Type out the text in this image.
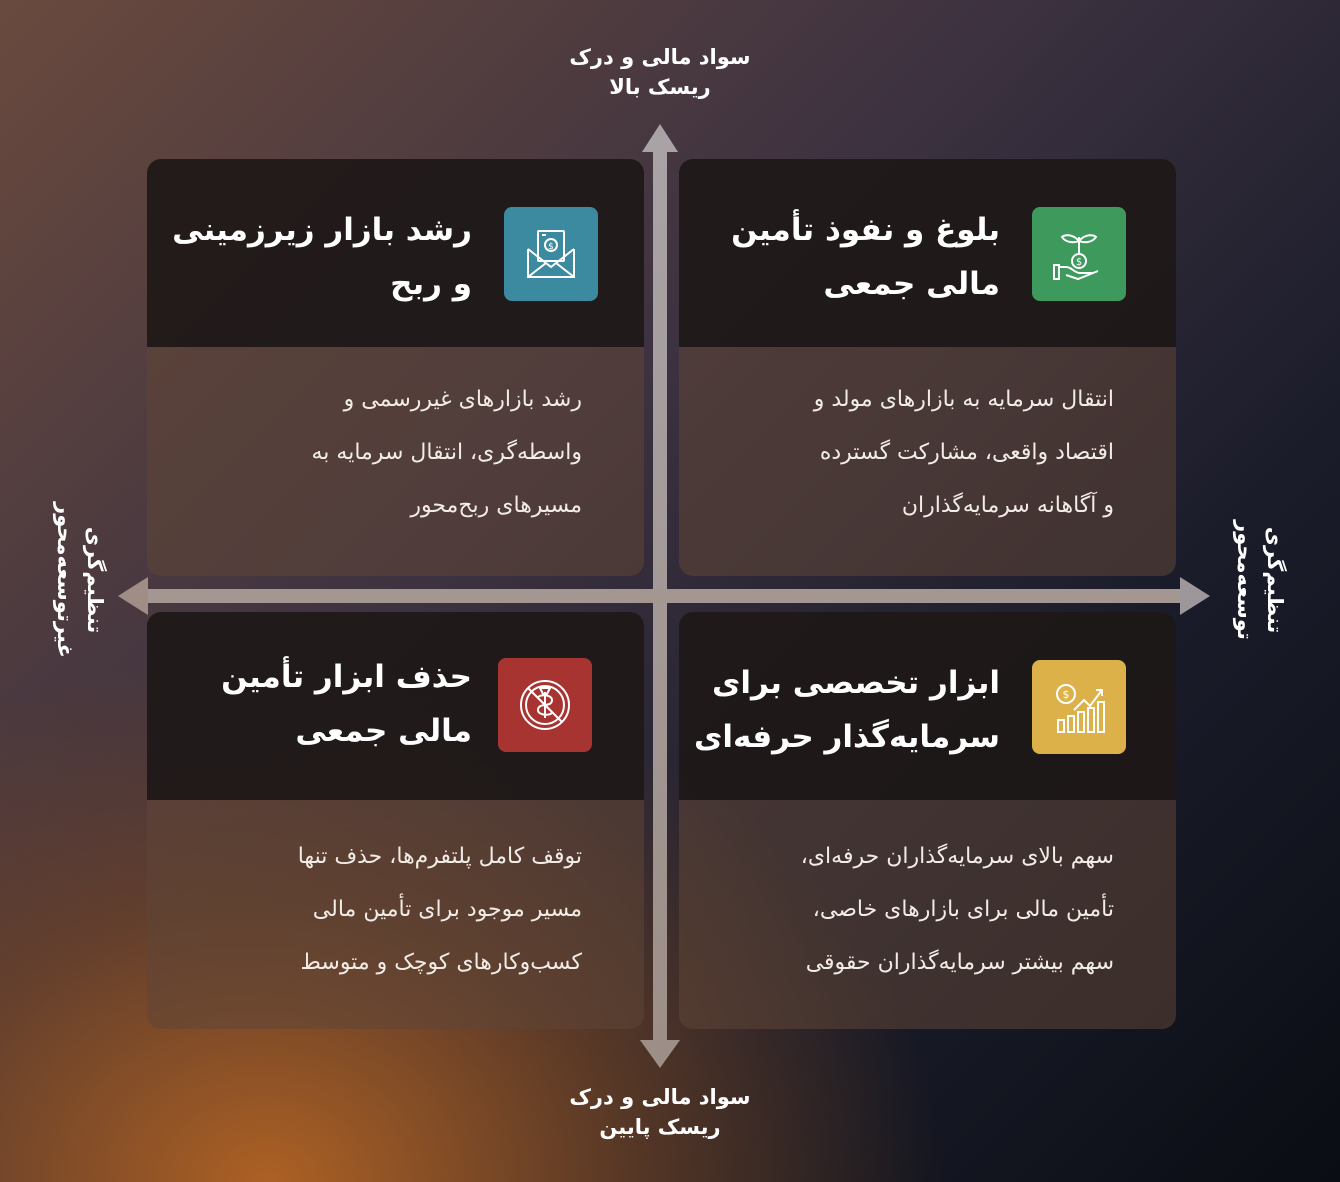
سواد مالی و درک
ریسک بالا
سواد مالی و درک
ریسک پایین
تنظیم‌گری
غیرتوسعه‌محور	تنظیم‌گری
توسعه‌محور
بلوغ و نفوذ تأمین
مالی جمعی
$
انتقال سرمایه به بازارهای مولد و
اقتصاد واقعی، مشارکت گسترده
و آگاهانه سرمایه‌گذاران
رشد بازار زیرزمینی
و ربح
$
رشد بازارهای غیررسمی و
واسطه‌گری، انتقال سرمایه به
مسیرهای ربح‌محور
ابزار تخصصی برای
سرمایه‌گذار حرفه‌ای
$
سهم بالای سرمایه‌گذاران حرفه‌ای،
تأمین مالی برای بازارهای خاصی،
سهم بیشتر سرمایه‌گذاران حقوقی
حذف ابزار تأمین
مالی جمعی
توقف کامل پلتفرم‌ها، حذف تنها
مسیر موجود برای تأمین مالی
کسب‌وکارهای کوچک و متوسط
